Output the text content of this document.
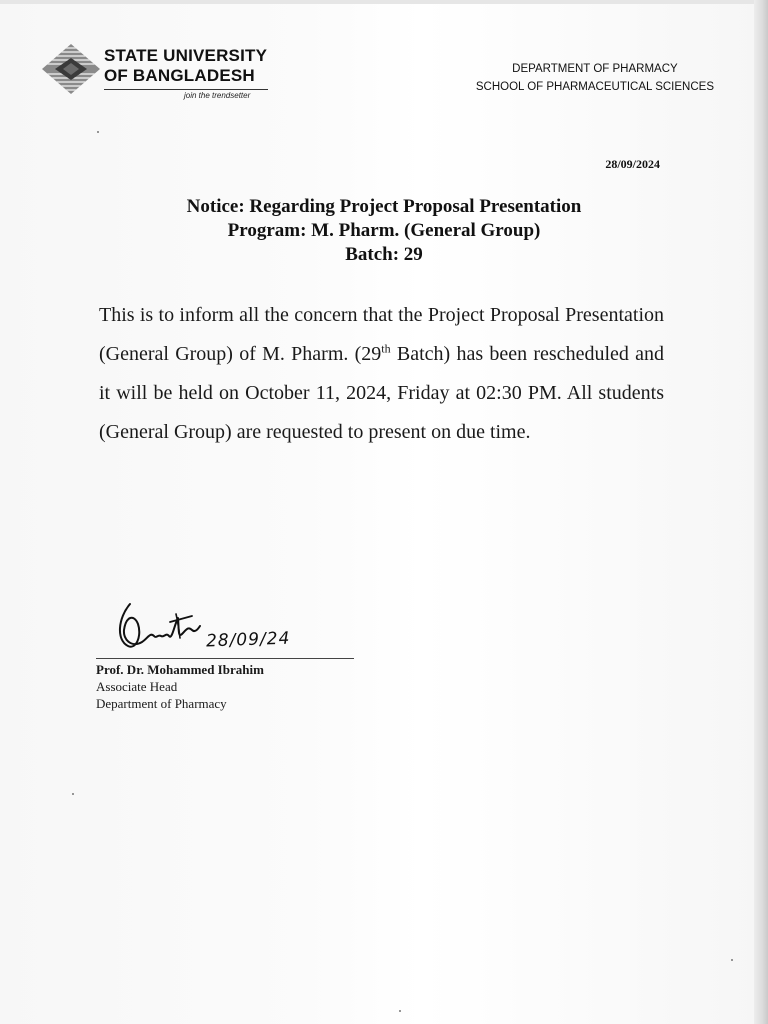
STATE UNIVERSITY
OF BANGLADESH
join the trendsetter
DEPARTMENT OF PHARMACY
SCHOOL OF PHARMACEUTICAL SCIENCES
28/09/2024
Notice: Regarding Project Proposal Presentation
Program: M. Pharm. (General Group)
Batch: 29
This is to inform all the concern that the Project Proposal Presentation (General Group) of M. Pharm. (29th Batch) has been rescheduled and it will be held on October 11, 2024, Friday at 02:30 PM. All students (General Group) are requested to present on due time.
28/09/24
Prof. Dr. Mohammed Ibrahim
Associate Head
Department of Pharmacy
